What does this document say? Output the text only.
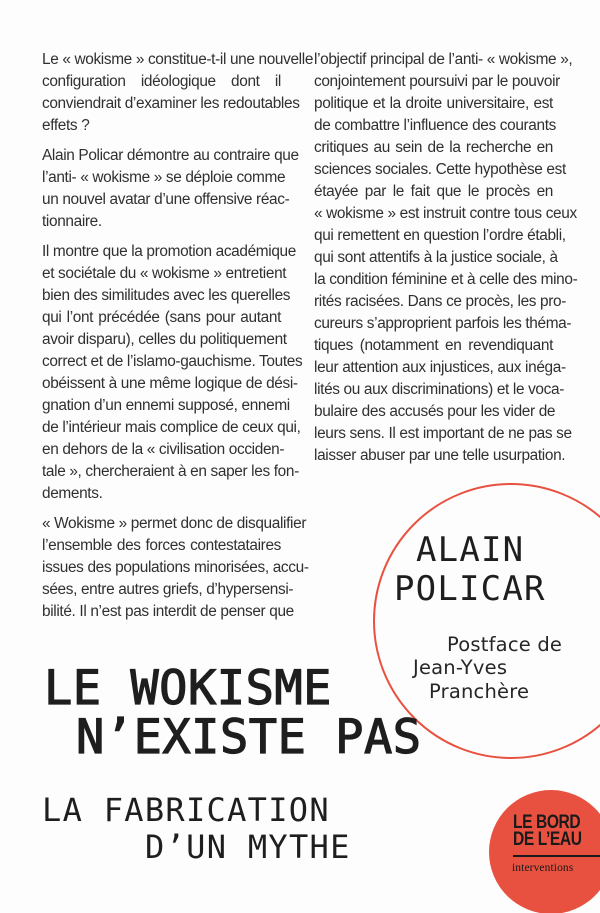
Le « wokisme » constitue-t-il une nouvelle
configuration idéologique dont il
conviendrait d’examiner les redoutables
effets ?

Alain Policar démontre au contraire que
l’anti- « wokisme » se déploie comme
un nouvel avatar d’une offensive réac-
tionnaire.

Il montre que la promotion académique
et sociétale du « wokisme » entretient
bien des similitudes avec les querelles
qui l’ont précédée (sans pour autant
avoir disparu), celles du politiquement
correct et de l’islamo-gauchisme. Toutes
obéissent à une même logique de dési-
gnation d’un ennemi supposé, ennemi
de l’intérieur mais complice de ceux qui,
en dehors de la « civilisation occiden-
tale », chercheraient à en saper les fon-
dements.

« Wokisme » permet donc de disqualifier
l’ensemble des forces contestataires
issues des populations minorisées, accu-
sées, entre autres griefs, d’hypersensi-
bilité. Il n’est pas interdit de penser que

l’objectif principal de l’anti- « wokisme »,
conjointement poursuivi par le pouvoir
politique et la droite universitaire, est
de combattre l’influence des courants
critiques au sein de la recherche en
sciences sociales. Cette hypothèse est
étayée par le fait que le procès en
« wokisme » est instruit contre tous ceux
qui remettent en question l’ordre établi,
qui sont attentifs à la justice sociale, à
la condition féminine et à celle des mino-
rités racisées. Dans ce procès, les pro-
cureurs s’approprient parfois les théma-
tiques (notamment en revendiquant
leur attention aux injustices, aux inéga-
lités ou aux discriminations) et le voca-
bulaire des accusés pour les vider de
leurs sens. Il est important de ne pas se
laisser abuser par une telle usurpation.

ALAIN
POLICAR
Postface de
Jean-Yves
Pranchère
LE WOKISME
N’EXISTE PAS
LA FABRICATION
D’UN MYTHE
LE BORD
DE L’EAU
interventions
